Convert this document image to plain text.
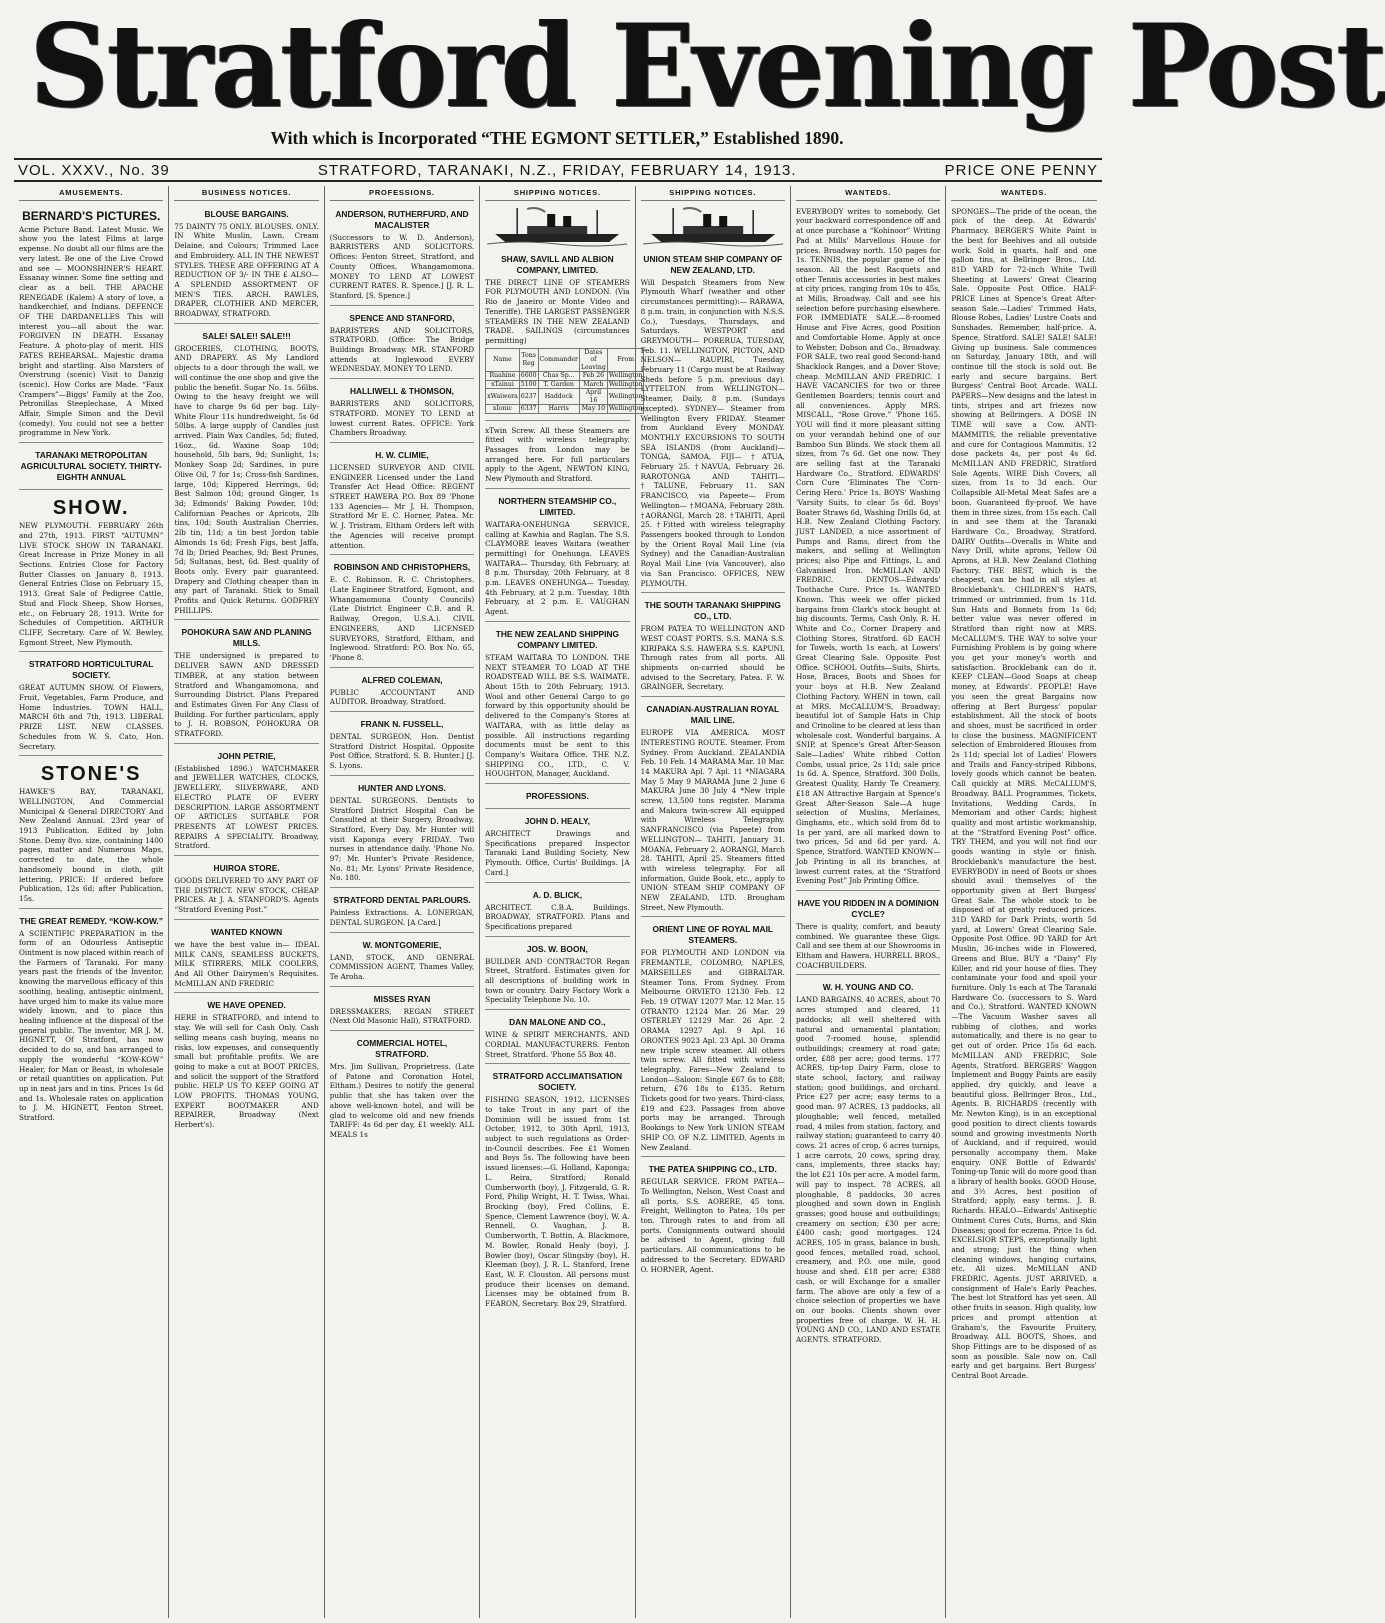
Stratford Evening Post
With which is Incorporated “THE EGMONT SETTLER,” Established 1890.
VOL. XXXV., No. 39	STRATFORD, TARANAKI, N.Z., FRIDAY, FEBRUARY 14, 1913.	PRICE ONE PENNY
AMUSEMENTS.
BERNARD'S PICTURES.
Acme Picture Band. Latest Music. We show you the latest Films at large expense. No doubt all our films are the very latest. Be one of the Live Crowd and see — MOONSHINER'S HEART. Essanay winner. Some fine setting and clear as a bell. THE APACHE RENEGADE (Kalem) A story of love, a handkerchief, and Indians. DEFENCE OF THE DARDANELLES This will interest you—all about the war. FORGIVEN IN DEATH. Essanay Feature. A photo-play of merit. HIS FATES REHEARSAL. Majestic drama bright and startling. Also Marsters of Overstrung (scenic) Visit to Danzig (scenic). How Corks are Made. “Faux Crampers”—Biggs' Family at the Zoo, Petronillas Steeplechase, A Mixed Affair, Simple Simon and the Devil (comedy). You could not see a better programme in New York.
TARANAKI METROPOLITAN AGRICULTURAL SOCIETY. THIRTY-EIGHTH ANNUAL
SHOW.
NEW PLYMOUTH. FEBRUARY 26th and 27th, 1913. FIRST “AUTUMN” LIVE STOCK SHOW IN TARANAKI. Great Increase in Prize Money in all Sections. Entries Close for Factory Butter Classes on January 8, 1913. General Entries Close on February 15, 1913. Great Sale of Pedigree Cattle, Stud and Flock Sheep, Show Horses, etc., on February 28, 1913. Write for Schedules of Competition. ARTHUR CLIFF, Secretary. Care of W. Bewley, Egmont Street, New Plymouth.
STRATFORD HORTICULTURAL SOCIETY.
GREAT AUTUMN SHOW. Of Flowers, Fruit, Vegetables, Farm Produce, and Home Industries. TOWN HALL, MARCH 6th and 7th, 1913. LIBERAL PRIZE LIST. NEW CLASSES. Schedules from W. S. Cato, Hon. Secretary.
STONE'S
HAWKE'S BAY, TARANAKI, WELLINGTON, And Commercial Municipal & General DIRECTORY And New Zealand Annual. 23rd year of 1913 Publication. Edited by John Stone. Demy 8vo. size, containing 1400 pages, matter and Numerous Maps, corrected to date, the whole handsomely bound in cloth, gilt lettering. PRICE: If ordered before Publication, 12s 6d; after Publication, 15s.
THE GREAT REMEDY. “KOW-KOW.”
A SCIENTIFIC PREPARATION in the form of an Odourless Antiseptic Ointment is now placed within reach of the Farmers of Taranaki. For many years past the friends of the Inventor, knowing the marvellous efficacy of this soothing, healing, antiseptic ointment, have urged him to make its value more widely known, and to place this healing influence at the disposal of the general public. The inventor, MR J. M. HIGNETT, Of Stratford, has now decided to do so, and has arranged to supply the wonderful “KOW-KOW” Healer, for Man or Beast, in wholesale or retail quantities on application. Put up in neat jars and in tins. Prices 1s 6d and 1s. Wholesale rates on application to J. M. HIGNETT, Fenton Street, Stratford.
BUSINESS NOTICES.
BLOUSE BARGAINS.
75 DAINTY 75 ONLY. BLOUSES. ONLY. IN White Muslin, Lawn, Cream Delaine, and Colours; Trimmed Lace and Embroidery. ALL IN THE NEWEST STYLES. THESE ARE OFFERING AT A REDUCTION OF 3/- IN THE £ ALSO— A SPLENDID ASSORTMENT OF MEN'S TIES. ARCH. RAWLES, DRAPER, CLOTHIER AND MERCER, BROADWAY, STRATFORD.
SALE! SALE!! SALE!!!
GROCERIES, CLOTHING, BOOTS, AND DRAPERY. AS My Landlord objects to a door through the wall, we will continue the one shop and give the public the benefit. Sugar No. 1s. 56lbs. Owing to the heavy freight we will have to charge 9s 6d per bag. Lily-White Flour 11s hundredweight, 5s 6d 50lbs. A large supply of Candles just arrived. Plain Wax Candles, 5d; fluted, 16oz., 6d. Waxine Soap 10d; household, 5lb bars, 9d; Sunlight, 1s; Monkey Soap 2d; Sardines, in pure Olive Oil, 7 for 1s; Cross-fish Sardines, large, 10d; Kippered Herrings, 6d; Best Salmon 10d; ground Ginger, 1s 3d; Edmonds' Baking Powder, 10d; Californian Peaches or Apricots, 2lb tins, 10d; South Australian Cherries, 2lb tin, 11d; a tin best Jordon table Almonds 1s 6d; Fresh Figs, best Jaffa, 7d lb; Dried Peaches, 9d; Best Prunes, 5d; Sultanas, best, 6d. Best quality of Boots only. Every pair guaranteed. Drapery and Clothing cheaper than in any part of Taranaki. Stick to Small Profits and Quick Returns. GODFREY PHILLIPS.
POHOKURA SAW AND PLANING MILLS.
THE undersigned is prepared to DELIVER SAWN AND DRESSED TIMBER, at any station between Stratford and Whangamomona, and Surrounding District. Plans Prepared and Estimates Given For Any Class of Building. For further particulars, apply to J. H. ROBSON, POHOKURA OR STRATFORD.
JOHN PETRIE,
(Established 1896.) WATCHMAKER and JEWELLER WATCHES, CLOCKS, JEWELLERY, SILVERWARE, AND ELECTRO PLATE OF EVERY DESCRIPTION. LARGE ASSORTMENT OF ARTICLES SUITABLE FOR PRESENTS AT LOWEST PRICES. REPAIRS A SPECIALITY. Broadway, Stratford.
HUIROA STORE.
GOODS DELIVERED TO ANY PART OF THE DISTRICT. NEW STOCK, CHEAP PRICES. At J. A. STANFORD'S. Agents “Stratford Evening Post.”
WANTED KNOWN
we have the best value in— IDEAL MILK CANS, SEAMLESS BUCKETS, MILK STIRRERS, MILK COOLERS, And All Other Dairymen's Requisites. McMILLAN AND FREDRIC
WE HAVE OPENED.
HERE in STRATFORD, and intend to stay. We will sell for Cash Only. Cash selling means cash buying, means no risks, low expenses, and consequently small but profitable profits. We are going to make a cut at BOOT PRICES, and solicit the support of the Stratford public. HELP US TO KEEP GOING AT LOW PROFITS. THOMAS YOUNG, EXPERT BOOTMAKER AND REPAIRER, Broadway (Next Herbert's).
PROFESSIONS.
ANDERSON, RUTHERFURD, AND MACALISTER
(Successors to W. D. Anderson), BARRISTERS AND SOLICITORS. Offices: Fenton Street, Stratford, and County Offices, Whangamomona. MONEY TO LEND AT LOWEST CURRENT RATES. R. Spence.] [J. R. L. Stanford. [S. Spence.]
SPENCE AND STANFORD,
BARRISTERS AND SOLICITORS, STRATFORD. (Office: The Bridge Buildings Broadway. MR. STANFORD attends at Inglewood EVERY WEDNESDAY. MONEY TO LEND.
HALLIWELL & THOMSON,
BARRISTERS AND SOLICITORS, STRATFORD. MONEY TO LEND at lowest current Rates. OFFICE: York Chambers Broadway.
H. W. CLIMIE,
LICENSED SURVEYOR AND CIVIL ENGINEER Licensed under the Land Transfer Act Head Office: REGENT STREET HAWERA P.O. Box 89 'Phone 133 Agencies— Mr J. H. Thompson, Stratford Mr E. C. Horner, Patea. Mr. W. J. Tristram, Eltham Orders left with the Agencies will receive prompt attention.
ROBINSON AND CHRISTOPHERS,
E. C. Robinson. R. C. Christophers. (Late Engineer Stratford, Egmont, and Whangamomona County Councils) (Late District Engineer C.B. and R. Railway, Oregon, U.S.A.). CIVIL ENGINEERS, AND LICENSED SURVEYORS, Stratford, Eltham, and Inglewood. Stratford: P.O. Box No. 65, 'Phone 8.
ALFRED COLEMAN,
PUBLIC ACCOUNTANT AND AUDITOR. Broadway, Stratford.
FRANK N. FUSSELL,
DENTAL SURGEON, Hon. Dentist Stratford District Hospital. Opposite Post Office, Stratford. S. B. Hunter.] [J. S. Lyons.
HUNTER AND LYONS.
DENTAL SURGEONS. Dentists to Stratford District Hospital Can be Consulted at their Surgery, Broadway, Stratford, Every Day. Mr Hunter will visit Kaponga every FRIDAY. Two nurses in attendance daily. 'Phone No. 97; Mr. Hunter's Private Residence, No. 81; Mr. Lyons' Private Residence, No. 180.
STRATFORD DENTAL PARLOURS.
Painless Extractions. A. LONERGAN, DENTAL SURGEON. [A Card.]
W. MONTGOMERIE,
LAND, STOCK, AND GENERAL COMMISSION AGENT, Thames Valley, Te Aroha.
MISSES RYAN
DRESSMAKERS, REGAN STREET (Next Old Masonic Hall), STRATFORD.
COMMERCIAL HOTEL, STRATFORD.
Mrs. Jim Sullivan, Proprietress. (Late of Patone and Coronation Hotel, Eltham.) Desires to notify the general public that she has taken over the above well-known hotel, and will be glad to welcome old and new friends TARIFF: 4s 6d per day, £1 weekly. ALL MEALS 1s
SHIPPING NOTICES.
SHAW, SAVILL AND ALBION COMPANY, LIMITED.
THE DIRECT LINE OF STEAMERS FOR PLYMOUTH AND LONDON. (Via Rio de Janeiro or Monte Video and Teneriffe). THE LARGEST PASSENGER STEAMERS IN THE NEW ZEALAND TRADE. SAILINGS (circumstances permitting)
Name	Tons Reg	Commander	Dates of Leaving	From
Ruahine	6600	Chas Sp...	Feb 26	Wellington
xTainui	5100	T. Garden	March	Wellington
xWaiwera	6237	Haddock	April 16	Wellington
xIonic	6337	Harris	May 10	Wellington
xTwin Screw. All these Steamers are fitted with wireless telegraphy. Passages from London may be arranged here. For full particulars apply to the Agent, NEWTON KING, New Plymouth and Stratford.
NORTHERN STEAMSHIP CO., LIMITED.
WAITARA-ONEHUNGA SERVICE, calling at Kawhia and Raglan. The S.S. CLAYMORE leaves Waitara (weather permitting) for Onehunga. LEAVES WAITARA— Thursday, 6th February, at 8 p.m. Thursday, 20th February, at 8 p.m. LEAVES ONEHUNGA— Tuesday, 4th February, at 2 p.m. Tuesday, 18th February, at 2 p.m. E. VAUGHAN Agent.
THE NEW ZEALAND SHIPPING COMPANY LIMITED.
STEAM WAITARA TO LONDON. THE NEXT STEAMER TO LOAD AT THE ROADSTEAD WILL BE S.S. WAIMATE. About 15th to 20th February, 1913. Wool and other General Cargo to go forward by this opportunity should be delivered to the Company's Stores at WAITARA, with as little delay as possible. All instructions regarding documents must be sent to this Company's Waitara Office. THE N.Z. SHIPPING CO., LTD., C. V. HOUGHTON, Manager, Auckland.
PROFESSIONS.
JOHN D. HEALY,
ARCHITECT Drawings and Specifications prepared Inspector Taranaki Land Building Society, New Plymouth. Office, Curtis' Buildings. [A Card.]
A. D. BLICK,
ARCHITECT. C.B.A. Buildings. BROADWAY, STRATFORD. Plans and Specifications prepared
JOS. W. BOON,
BUILDER AND CONTRACTOR Regan Street, Stratford. Estimates given for all descriptions of building work in town or country. Dairy Factory Work a Speciality Telephone No. 10.
DAN MALONE AND CO.,
WINE & SPIRIT MERCHANTS, AND CORDIAL MANUFACTURERS. Fenton Street, Stratford. 'Phone 55 Box 48.
STRATFORD ACCLIMATISATION SOCIETY.
FISHING SEASON, 1912. LICENSES to take Trout in any part of the Dominion will be issued from 1st October, 1912, to 30th April, 1913, subject to such regulations as Order-in-Council describes. Fee £1 Women and Boys 5s. The following have been issued licenses:—G. Holland, Kaponga; L. Reira, Stratford; Ronald Cumberworth (boy), J. Fitzgerald, G. R. Ford, Philip Wright, H. T. Twiss, Whai. Brocking (boy), Fred Collins, E. Spence, Clement Lawrence (boy), W. A. Rennell, O. Vaughan, J. B. Cumberworth, T. Bottin, A. Blackmore, M. Bowler, Ronald Healy (boy), J. Bowler (boy), Oscar Slingsby (boy), H. Kleeman (boy), J. R. L. Stanford, Irene East, W. F. Clouston. All persons must produce their licenses on demand. Licenses may be obtained from B. FEARON, Secretary. Box 29, Stratford.
SHIPPING NOTICES.
UNION STEAM SHIP COMPANY OF NEW ZEALAND, LTD.
Will Despatch Steamers from New Plymouth Wharf (weather and other circumstances permitting):— RARAWA, 8 p.m. train, in conjunction with N.S.S. Co.), Tuesdays, Thursdays, and Saturdays. WESTPORT and GREYMOUTH— PORERUA, TUESDAY, Feb. 11. WELLINGTON, PICTON, AND NELSON— RAUPIRI, Tuesday, February 11 (Cargo must be at Railway Sheds before 5 p.m. previous day). LYTTELTON from WELLINGTON— Steamer, Daily, 8 p.m. (Sundays excepted). SYDNEY— Steamer from Wellington Every FRIDAY. Steamer from Auckland Every MONDAY. MONTHLY EXCURSIONS TO SOUTH SEA ISLANDS (from Auckland)— TONGA, SAMOA, FIJI— †ATUA, February 25. †NAVUA, February 26. RAROTONGA AND TAHITI— †TALUNE, February 11. SAN FRANCISCO, via Papeete— From Wellington— †MOANA, February 28th. †AORANGI, March 28. †TAHITI, April 25. †Fitted with wireless telegraphy Passengers booked through to London by the Orient Royal Mail Line (via Sydney) and the Canadian-Australian Royal Mail Line (via Vancouver), also via San Francisco. OFFICES, NEW PLYMOUTH.
THE SOUTH TARANAKI SHIPPING CO., LTD.
FROM PATEA TO WELLINGTON AND WEST COAST PORTS. S.S. MANA S.S. KIRIPAKA S.S. HAWERA S.S. KAPUNI. Through rates from all ports. All shipments on-carried should be advised to the Secretary, Patea. F. W. GRAINGER, Secretary.
CANADIAN-AUSTRALIAN ROYAL MAIL LINE.
EUROPE VIA AMERICA. MOST INTERESTING ROUTE. Steamer. From Sydney. From Auckland. ZEALANDIA Feb. 10 Feb. 14 MARAMA Mar. 10 Mar. 14 MAKURA Apl. 7 Apl. 11 *NIAGARA May 5 May 9 MARAMA June 2 June 6 MAKURA June 30 July 4 *New triple screw, 13,500 tons register. Marama and Makura twin-screw All equipped with Wireless Telegraphy. SANFRANCISCO (via Papeete) from WELLINGTON— TAHITI, January 31. MOANA, February 2. AORANGI, March 28. TAHITI, April 25. Steamers fitted with wireless telegraphy. For all information, Guide Book, etc., apply to UNION STEAM SHIP COMPANY OF NEW ZEALAND, LTD. Brougham Street, New Plymouth.
ORIENT LINE OF ROYAL MAIL STEAMERS.
FOR PLYMOUTH AND LONDON via FREMANTLE, COLOMBO, NAPLES, MARSEILLES and GIBRALTAR. Steamer Tons. From Sydney. From Melbourne ORVIETO 12130 Feb. 12 Feb. 19 OTWAY 12077 Mar. 12 Mar. 15 OTRANTO 12124 Mar. 26 Mar. 29 OSTERLEY 12129 Mar. 26 Apr. 2 ORAMA 12927 Apl. 9 Apl. 16 ORONTES 9023 Apl. 23 Apl. 30 Orama new triple screw steamer. All others twin screw. All fitted with wireless telegraphy. Fares—New Zealand to London—Saloon: Single £67 6s to £88; return, £76 18s to £135. Return Tickets good for two years. Third-class, £19 and £23. Passages from above ports may be arranged. Through Bookings to New York UNION STEAM SHIP CO. OF N.Z. LIMITED, Agents in New Zealand.
THE PATEA SHIPPING CO., LTD.
REGULAR SERVICE. FROM PATEA— To Wellington, Nelson, West Coast and all ports, S.S. AORERE, 45 tons. Freight, Wellington to Patea, 10s per ton. Through rates to and from all ports. Consignments outward should be advised to Agent, giving full particulars. All communications to be addressed to the Secretary. EDWARD O. HORNER, Agent.
WANTEDS.
EVERYBODY writes to somebody. Get your backward correspondence off and at once purchase a “Kohinoor” Writing Pad at Mills' Marvellous House for prices. Broadway north. 150 pages for 1s. TENNIS, the popular game of the season. All the best Racquets and other Tennis accessories in best makes at city prices, ranging from 10s to 45s, at Mills, Broadway. Call and see his selection before purchasing elsewhere. FOR IMMEDIATE SALE.—8-roomed House and Five Acres, good Position and Comfortable Home. Apply at once to Webster, Dobson and Co., Broadway. FOR SALE, two real good Second-hand Shacklock Ranges, and a Dover Stove; cheap. McMILLAN AND FREDRIC. I HAVE VACANCIES for two or three Gentlemen Boarders; tennis court and all conveniences. Apply MRS. MISCALL, “Rose Grove.” 'Phone 165. YOU will find it more pleasant sitting on your verandah behind one of our Bamboo Sun Blinds. We stock them all sizes, from 7s 6d. Get one now. They are selling fast at the Taranaki Hardware Co., Stratford. EDWARDS' Corn Cure ‘Eliminates The ‘Corn-Cering Hero.’ Price 1s. BOYS' Washing 'Varsity Suits, to clear 5s 6d. Boys' Boater Straws 6d, Washing Drills 6d, at H.B. New Zealand Clothing Factory. JUST LANDED, a nice assortment of Pumps and Rams, direct from the makers, and selling at Wellington prices; also Pipe and Fittings, L. and Galvanised Iron. McMILLAN AND FREDRIC. DENTOS—Edwards' Toothache Cure. Price 1s. WANTED Known. This week we offer picked bargains from Clark's stock bought at big discounts. Terms, Cash Only. R. H. White and Co., Corner Drapery and Clothing Stores, Stratford. 6D EACH for Towels, worth 1s each, at Lowers' Great Clearing Sale. Opposite Post Office. SCHOOL Outfits—Suits, Shirts, Hose, Braces, Boots and Shoes for your boys at H.B. New Zealand Clothing Factory. WHEN in town, call at MRS. McCALLUM'S, Broadway; beautiful lot of Sample Hats in Chip and Crinoline to be cleared at less than wholesale cost. Wonderful bargains. A SNIP, at Spence's Great After-Season Sale—Ladies' White ribbed Cotton Combs, usual price, 2s 11d; sale price 1s 6d. A. Spence, Stratford. 300 Dolls, Greatest Quality, Hardy Te Creamery. £18 AN Attractive Bargain at Spence's Great After-Season Sale—A huge selection of Muslins, Merlaines, Ginghams, etc., which sold from 8d to 1s per yard, are all marked down to two prices, 5d and 6d per yard. A. Spence, Stratford. WANTED KNOWN—Job Printing in all its branches, at lowest current rates, at the “Stratford Evening Post” Job Printing Office.
HAVE YOU RIDDEN IN A DOMINION CYCLE?
There is quality, comfort, and beauty combined. We guarantee these Gigs. Call and see them at our Showrooms in Eltham and Hawera. HURRELL BROS., COACHBUILDERS.
W. H. YOUNG AND CO.
LAND BARGAINS. 40 ACRES, about 70 acres stumped and cleared, 11 paddocks; all well sheltered with natural and ornamental plantation; good 7-roomed house, splendid outbuildings; creamery at road gate; order, £88 per acre; good terms. 177 ACRES, tip-top Dairy Farm, close to state school, factory, and railway station; good buildings, and orchard. Price £27 per acre; easy terms to a good man. 97 ACRES, 13 paddocks, all ploughable; well fenced, metalled road, 4 miles from station, factory, and railway station; guaranteed to carry 40 cows. 21 acres of crop, 6 acres turnips, 1 acre carrots, 20 cows, spring dray, cans, implements, three stacks hay; the lot £21 10s per acre. A model farm, will pay to inspect. 78 ACRES, all ploughable, 8 paddocks, 30 acres ploughed and sown down in English grasses; good house and outbuildings; creamery on section; £30 per acre; £400 cash; good mortgages. 124 ACRES, 105 in grass, balance in bush, good fences, metalled road, school, creamery, and P.O. one mile, good house and shed. £18 per acre; £388 cash, or will Exchange for a smaller farm. The above are only a few of a choice selection of properties we have on our books. Clients shown over properties free of charge. W. H. H. YOUNG AND CO., LAND AND ESTATE AGENTS. STRATFORD.
WANTEDS.
SPONGES—The pride of the ocean, the pick of the deep. At Edwards' Pharmacy. BERGER'S White Paint is the best for Beehives and all outside work. Sold in quarts, half and one gallon tins, at Bellringer Bros., Ltd. 81D YARD for 72-inch White Twill Sheeting at Lowers' Great Clearing Sale. Opposite Post Office. HALF-PRICE Lines at Spence's Great After-season Sale.—Ladies' Trimmed Hats, Blouse Robes, Ladies' Lustre Coats and Sunshades. Remember, half-price. A. Spence, Stratford. SALE! SALE! SALE! Giving up business. Sale commences on Saturday, January 18th, and will continue till the stock is sold out. Be early and secure bargains. Bert Burgess' Central Boot Arcade. WALL PAPERS—New designs and the latest in tints, stripes and art friezes now showing at Bellringers. A DOSE IN TIME will save a Cow. ANTI-MAMMITIS, the reliable preventative and cure for Contagious Mammitis. 12 dose packets 4s, per post 4s 6d. McMILLAN AND FREDRIC, Stratford Sole Agents. WIRE Dish Covers, all sizes, from 1s to 3d each. Our Collapsible All-Metal Meat Safes are a boon. Guaranteed fly-proof. We have them in three sizes, from 15s each. Call in and see them at the Taranaki Hardware Co., Broadway, Stratford. DAIRY Outfits—Overalls in White and Navy Drill, white aprons, Yellow Oil Aprons, at H.B. New Zealand Clothing Factory. THE BEST, which is the cheapest, can be had in all styles at Brocklebank's. CHILDREN'S HATS, trimmed or untrimmed, from 1s 11d. Sun Hats and Bonnets from 1s 6d; better value was never offered in Stratford than right now at MRS. McCALLUM'S. THE WAY to solve your Furnishing Problem is by going where you get your money's worth and satisfaction. Brocklebank can do it. KEEP CLEAN—Good Soaps at cheap money, at Edwards'. PEOPLE! Have you seen the great Bargains now offering at Bert Burgess' popular establishment. All the stock of boots and shoes, must be sacrificed in order to close the business. MAGNIFICENT selection of Embroidered Blouses from 2s 11d; special lot of Ladies' Flowers and Trails and Fancy-striped Ribbons, lovely goods which cannot be beaten. Call quickly at MRS. McCALLUM'S, Broadway. BALL Programmes, Tickets, Invitations, Wedding Cards, In Memoriam and other Cards; highest quality and most artistic workmanship, at the “Stratford Evening Post” office. TRY THEM, and you will not find our goods wanting in style or finish. Brocklebank's manufacture the best. EVERYBODY in need of Boots or shoes should avail themselves of the opportunity given at Bert Burgess' Great Sale. The whole stock to be disposed of at greatly reduced prices. 31D YARD for Dark Prints, worth 5d yard, at Lowers' Great Clearing Sale. Opposite Post Office. 9D YARD for Art Muslin, 36-inches wide in Flowered, Greens and Blue. BUY a “Daisy” Fly Killer, and rid your house of flies. They contaminate your food and spoil your furniture. Only 1s each at The Taranaki Hardware Co. (successors to S. Ward and Co.), Stratford. WANTED KNOWN—The Vacuum Washer saves all rubbing of clothes, and works automatically, and there is no gear to get out of order. Price 15s 6d each. McMILLAN AND FREDRIC, Sole Agents, Stratford. BERGERS' Waggon Implement and Buggy Paints are easily applied, dry quickly, and leave a beautiful gloss. Bellringer Bros., Ltd., Agents. B. RICHARDS (recently with Mr. Newton King), is in an exceptional good position to direct clients towards sound and growing investments North of Auckland, and if required, would personally accompany them. Make enquiry. ONE Bottle of Edwards' Toning-up Tonic will do more good than a library of health books. GOOD House, and 3½ Acres, best position of Stratford; apply, easy terms. J. B. Richards. HEALO—Edwards' Antiseptic Ointment Cures Cuts, Burns, and Skin Diseases; good for eczema. Price 1s 6d. EXCELSIOR STEPS, exceptionally light and strong; just the thing when cleaning windows, hanging curtains, etc. All sizes. McMILLAN AND FREDRIC, Agents. JUST ARRIVED, a consignment of Hale's Early Peaches. The best lot Stratford has yet seen. All other fruits in season. High quality, low prices and prompt attention at Graham's, the Favourite Fruitery, Broadway. ALL BOOTS, Shoes, and Shop Fittings are to be disposed of as soon as possible. Sale now on. Call early and get bargains. Bert Burgess' Central Boot Arcade.
